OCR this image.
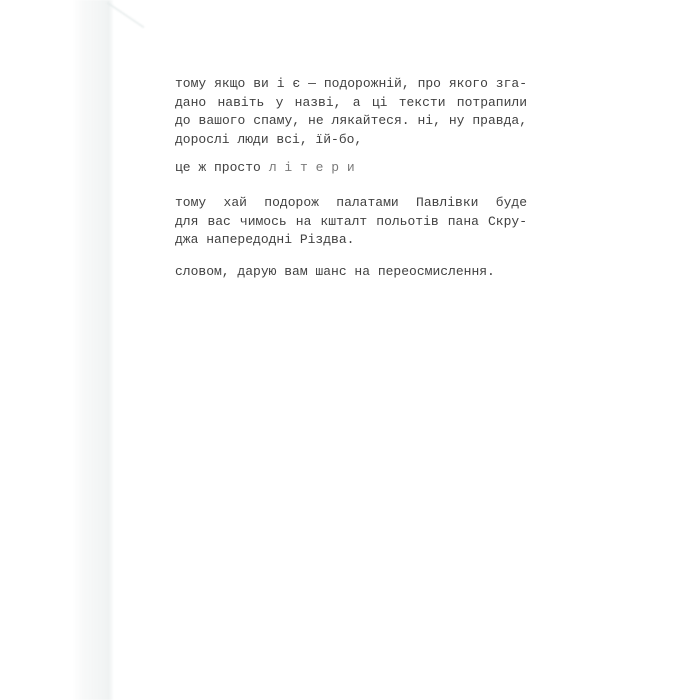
тому якщо ви і є — подорожній, про якого зга-
дано навіть у назві, а ці тексти потрапили
до вашого спаму, не лякайтеся. ні, ну правда,
дорослі люди всі, їй-бо,

це ж просто л і т е р и

тому хай подорож палатами Павлівки буде
для вас чимось на кшталт польотів пана Скру-
джа напередодні Різдва.

словом, дарую вам шанс на переосмислення.
